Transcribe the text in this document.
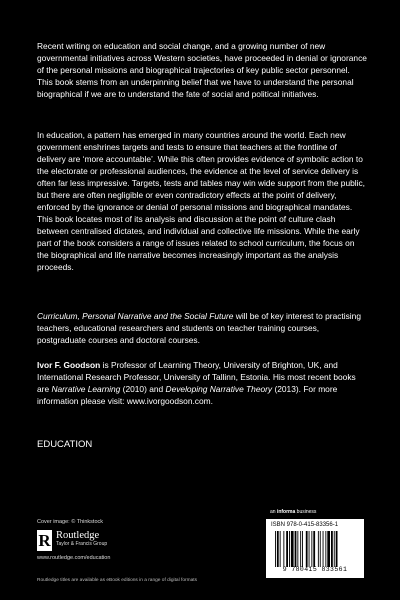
Recent writing on education and social change, and a growing number of new governmental initiatives across Western societies, have proceeded in denial or ignorance of the personal missions and biographical trajectories of key public sector personnel. This book stems from an underpinning belief that we have to understand the personal biographical if we are to understand the fate of social and political initiatives.

In education, a pattern has emerged in many countries around the world. Each new government enshrines targets and tests to ensure that teachers at the frontline of delivery are ‘more accountable’. While this often provides evidence of symbolic action to the electorate or professional audiences, the evidence at the level of service delivery is often far less impressive. Targets, tests and tables may win wide support from the public, but there are often negligible or even contradictory effects at the point of delivery, enforced by the ignorance or denial of personal missions and biographical mandates. This book locates most of its analysis and discussion at the point of culture clash between centralised dictates, and individual and collective life missions. While the early part of the book considers a range of issues related to school curriculum, the focus on the biographical and life narrative becomes increasingly important as the analysis proceeds.

Curriculum, Personal Narrative and the Social Future will be of key interest to practising teachers, educational researchers and students on teacher training courses, postgraduate courses and doctoral courses.

Ivor F. Goodson is Professor of Learning Theory, University of Brighton, UK, and International Research Professor, University of Tallinn, Estonia. His most recent books are Narrative Learning (2010) and Developing Narrative Theory (2013). For more information please visit: www.ivorgoodson.com.

EDUCATION
Cover image: © Thinkstock
R Routledge
Taylor & Francis Group
www.routledge.com/education
Routledge titles are available as eBook editions in a range of digital formats
an informa business
ISBN 978-0-415-83356-1
9 780415 833561
